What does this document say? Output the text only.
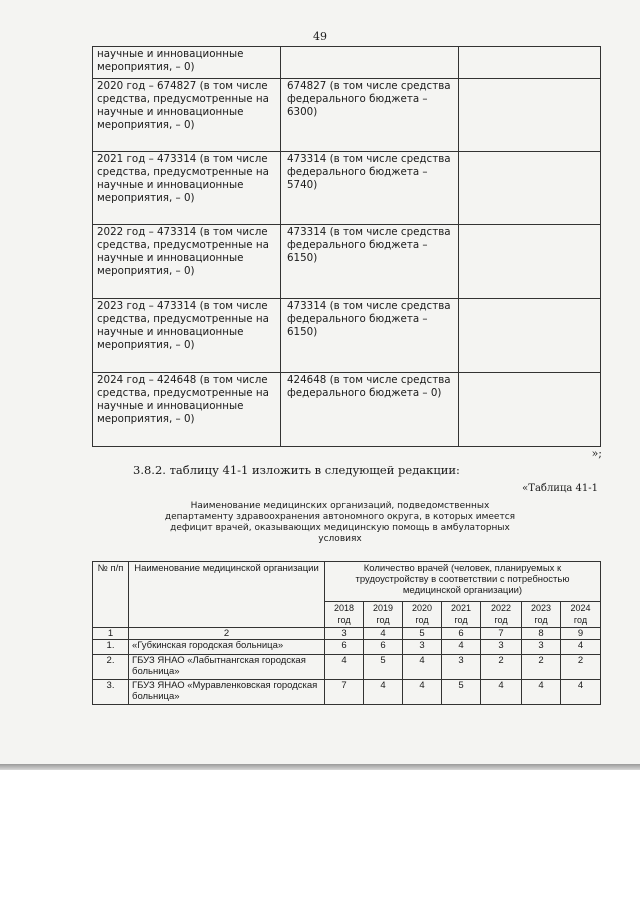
49
научные и инновационные мероприятия, – 0)		
2020 год – 674827 (в том числе средства, предусмотренные на научные и инновационные мероприятия, – 0)	674827 (в том числе средства федерального бюджета – 6300)	
2021 год – 473314 (в том числе средства, предусмотренные на научные и инновационные мероприятия, – 0)	473314 (в том числе средства федерального бюджета – 5740)	
2022 год – 473314 (в том числе средства, предусмотренные на научные и инновационные мероприятия, – 0)	473314 (в том числе средства федерального бюджета – 6150)	
2023 год – 473314 (в том числе средства, предусмотренные на научные и инновационные мероприятия, – 0)	473314 (в том числе средства федерального бюджета – 6150)	
2024 год – 424648 (в том числе средства, предусмотренные на научные и инновационные мероприятия, – 0)	424648 (в том числе средства федерального бюджета – 0)	
»;
3.8.2. таблицу 41-1 изложить в следующей редакции:
«Таблица 41-1
Наименование медицинских организаций, подведомственных департаменту здравоохранения автономного округа, в которых имеется дефицит врачей, оказывающих медицинскую помощь в амбулаторных условиях
№ п/п	Наименование медицинской организации	Количество врачей (человек, планируемых к трудоустройству в соответствии с потребностью медицинской организации)						
		2018 год	2019 год	2020 год	2021 год	2022 год	2023 год	2024 год
1	2	3	4	5	6	7	8	9
1.	«Губкинская городская больница»	6	6	3	4	3	3	4
2.	ГБУЗ ЯНАО «Лабытнангская городская больница»	4	5	4	3	2	2	2
3.	ГБУЗ ЯНАО «Муравленковская городская больница»	7	4	4	5	4	4	4
